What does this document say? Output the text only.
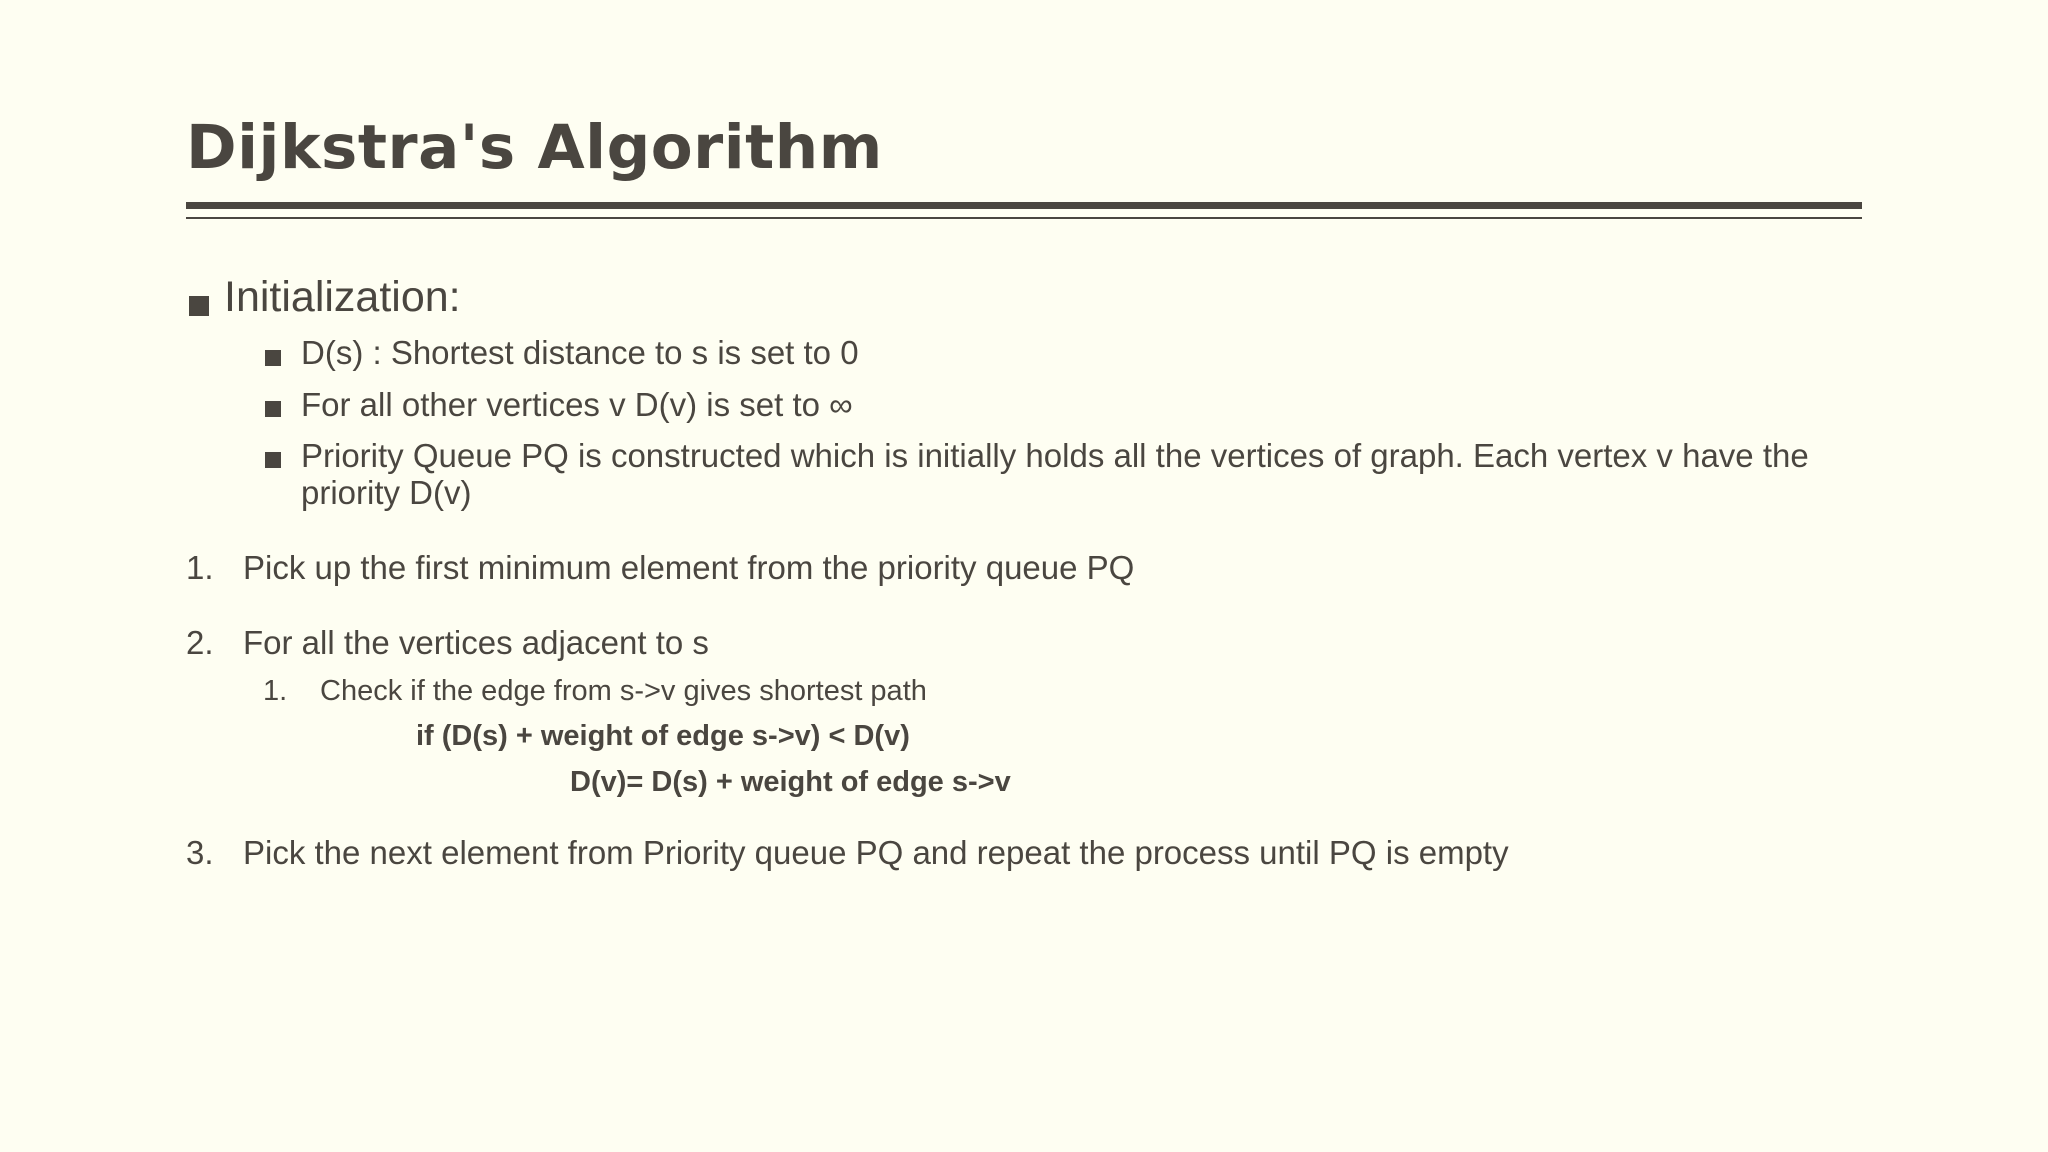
Dijkstra's Algorithm
Initialization:
D(s) : Shortest distance to s is set to 0
For all other vertices v D(v) is set to ∞
Priority Queue PQ is constructed which is initially holds all the vertices of graph. Each vertex v have the
priority D(v)
1. Pick up the first minimum element from the priority queue PQ
2. For all the vertices adjacent to s
1. Check if the edge from s->v gives shortest path
if (D(s) + weight of edge s->v) < D(v)
D(v)= D(s) + weight of edge s->v
3. Pick the next element from Priority queue PQ and repeat the process until PQ is empty
